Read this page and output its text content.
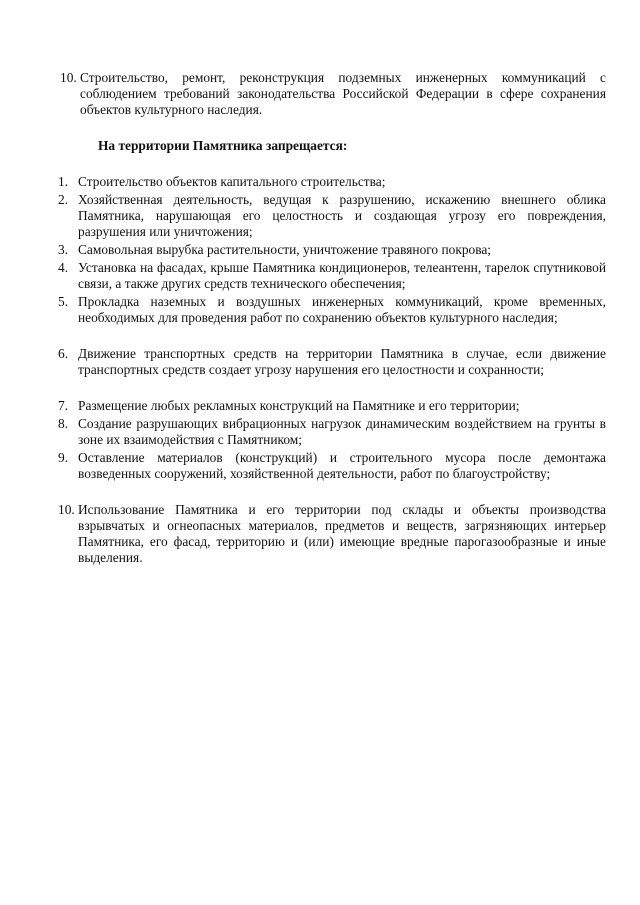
10. Строительство, ремонт, реконструкция подземных инженерных коммуникаций с соблюдением требований законодательства Российской Федерации в сфере сохранения объектов культурного наследия.
На территории Памятника запрещается:
1. Строительство объектов капитального строительства;
2. Хозяйственная деятельность, ведущая к разрушению, искажению внешнего облика Памятника, нарушающая его целостность и создающая угрозу его повреждения, разрушения или уничтожения;
3. Самовольная вырубка растительности, уничтожение травяного покрова;
4. Установка на фасадах, крыше Памятника кондиционеров, телеантенн, тарелок спутниковой связи, а также других средств технического обеспечения;
5. Прокладка наземных и воздушных инженерных коммуникаций, кроме временных, необходимых для проведения работ по сохранению объектов культурного наследия;
6. Движение транспортных средств на территории Памятника в случае, если движение транспортных средств создает угрозу нарушения его целостности и сохранности;
7. Размещение любых рекламных конструкций на Памятнике и его территории;
8. Создание разрушающих вибрационных нагрузок динамическим воздействием на грунты в зоне их взаимодействия с Памятником;
9. Оставление материалов (конструкций) и строительного мусора после демонтажа возведенных сооружений, хозяйственной деятельности, работ по благоустройству;
10. Использование Памятника и его территории под склады и объекты производства взрывчатых и огнеопасных материалов, предметов и веществ, загрязняющих интерьер Памятника, его фасад, территорию и (или) имеющие вредные парогазообразные и иные выделения.
